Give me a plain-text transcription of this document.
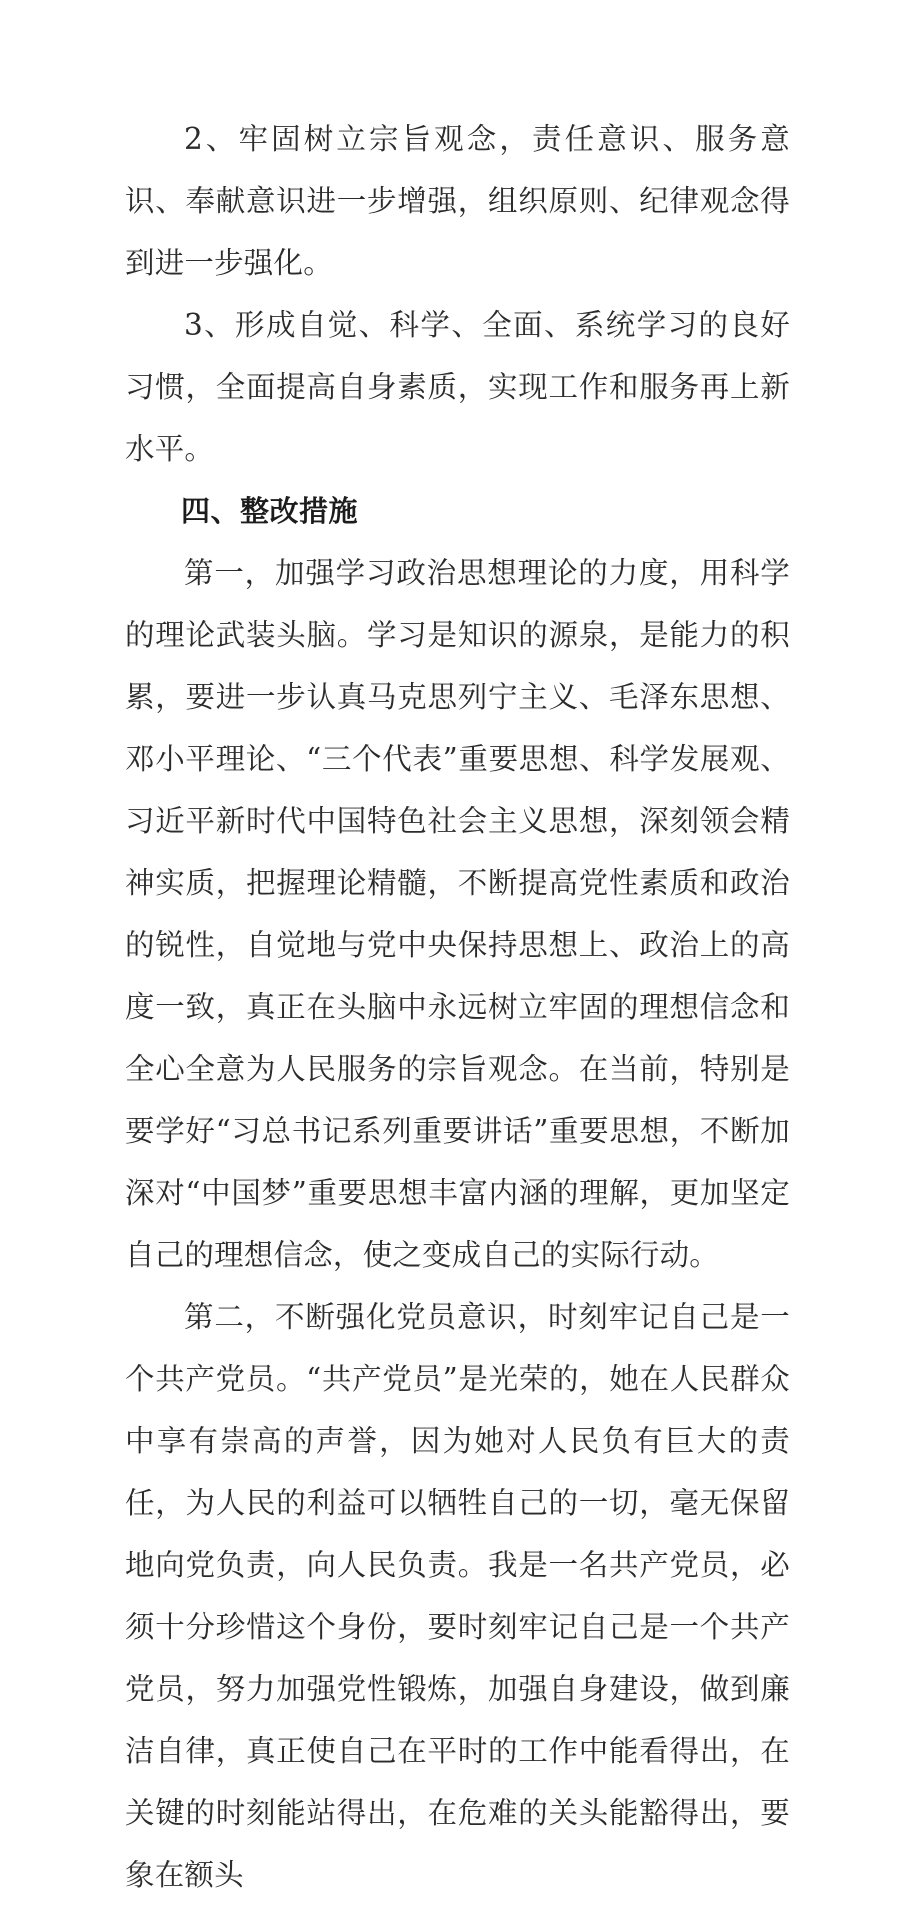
2、牢固树立宗旨观念，责任意识、服务意识、奉献意识进一步增强，组织原则、纪律观念得到进一步强化。

3、形成自觉、科学、全面、系统学习的良好习惯，全面提高自身素质，实现工作和服务再上新水平。

四、整改措施

第一，加强学习政治思想理论的力度，用科学的理论武装头脑。学习是知识的源泉，是能力的积累，要进一步认真马克思列宁主义、毛泽东思想、邓小平理论、“三个代表”重要思想、科学发展观、习近平新时代中国特色社会主义思想，深刻领会精神实质，把握理论精髓，不断提高党性素质和政治的锐性，自觉地与党中央保持思想上、政治上的高度一致，真正在头脑中永远树立牢固的理想信念和全心全意为人民服务的宗旨观念。在当前，特别是要学好“习总书记系列重要讲话”重要思想，不断加深对“中国梦”重要思想丰富内涵的理解，更加坚定自己的理想信念，使之变成自己的实际行动。

第二，不断强化党员意识，时刻牢记自己是一个共产党员。“共产党员”是光荣的，她在人民群众中享有崇高的声誉，因为她对人民负有巨大的责任，为人民的利益可以牺牲自己的一切，毫无保留地向党负责，向人民负责。我是一名共产党员，必须十分珍惜这个身份，要时刻牢记自己是一个共产党员，努力加强党性锻炼，加强自身建设，做到廉洁自律，真正使自己在平时的工作中能看得出，在关键的时刻能站得出，在危难的关头能豁得出，要象在额头
